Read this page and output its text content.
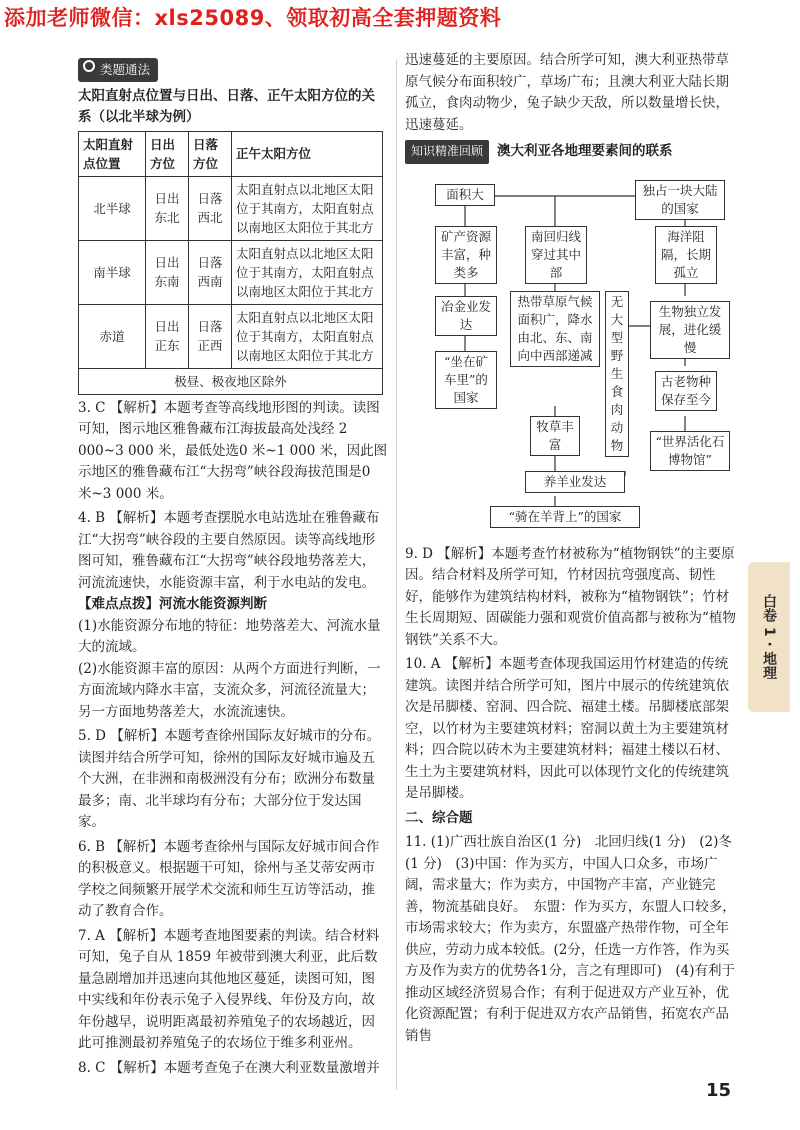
添加老师微信：xls25089、领取初高全套押题资料
类题通法
太阳直射点位置与日出、日落、正午太阳方位的关系（以北半球为例）
太阳直射点位置	日出方位	日落方位	正午太阳方位
北半球	日出东北	日落西北	太阳直射点以北地区太阳位于其南方，太阳直射点以南地区太阳位于其北方
南半球	日出东南	日落西南	太阳直射点以北地区太阳位于其南方，太阳直射点以南地区太阳位于其北方
赤道	日出正东	日落正西	太阳直射点以北地区太阳位于其南方，太阳直射点以南地区太阳位于其北方
极昼、极夜地区除外			
3. C 【解析】本题考查等高线地形图的判读。读图可知，图示地区雅鲁藏布江海拔最高处浅经 2 000~3 000 米，最低处选0 米~1 000 米，因此图示地区的雅鲁藏布江“大拐弯”峡谷段海拔范围是0 米~3 000 米。
4. B 【解析】本题考查摆脱水电站选址在雅鲁藏布江“大拐弯”峡谷段的主要自然原因。读等高线地形图可知，雅鲁藏布江“大拐弯”峡谷段地势落差大，河流流速快，水能资源丰富，利于水电站的发电。
【难点点拨】河流水能资源判断
(1)水能资源分布地的特征：地势落差大、河流水量大的流域。
(2)水能资源丰富的原因：从两个方面进行判断，一方面流域内降水丰富，支流众多，河流径流量大；另一方面地势落差大，水流流速快。
5. D 【解析】本题考查徐州国际友好城市的分布。读图并结合所学可知，徐州的国际友好城市遍及五个大洲，在非洲和南极洲没有分布；欧洲分布数量最多；南、北半球均有分布；大部分位于发达国家。
6. B 【解析】本题考查徐州与国际友好城市间合作的积极意义。根据题干可知，徐州与圣艾蒂安两市学校之间频繁开展学术交流和师生互访等活动，推动了教育合作。
7. A 【解析】本题考查地图要素的判读。结合材料可知，兔子自从 1859 年被带到澳大利亚，此后数量急剧增加并迅速向其他地区蔓延，读图可知，图中实线和年份表示兔子入侵界线、年份及方向，故年份越早，说明距离最初养殖兔子的农场越近，因此可推测最初养殖兔子的农场位于维多利亚州。
8. C 【解析】本题考查兔子在澳大利亚数量激增并
迅速蔓延的主要原因。结合所学可知，澳大利亚热带草原气候分布面积较广，草场广布；且澳大利亚大陆长期孤立，食肉动物少，兔子缺少天敌，所以数量增长快，迅速蔓延。
知识精准回顾	澳大利亚各地理要素间的联系
面积大	独占一块大陆的国家
矿产资源丰富，种类多
南回归线穿过其中部
海洋阻隔，长期孤立
冶金业发达
热带草原气候面积广，降水由北、东、南向中西部递减
无大型野生食肉动物
生物独立发展，进化缓慢
“坐在矿车里”的国家
古老物种保存至今
牧草丰富	“世界活化石博物馆”
养羊业发达
“骑在羊背上”的国家
9. D 【解析】本题考查竹材被称为“植物钢铁”的主要原因。结合材料及所学可知，竹材因抗弯强度高、韧性好，能够作为建筑结构材料，被称为“植物钢铁”；竹材生长周期短、固碳能力强和观赏价值高都与被称为“植物钢铁”关系不大。
10. A 【解析】本题考查体现我国运用竹材建造的传统建筑。读图并结合所学可知，图片中展示的传统建筑依次是吊脚楼、窑洞、四合院、福建土楼。吊脚楼底部架空，以竹材为主要建筑材料；窑洞以黄土为主要建筑材料；四合院以砖木为主要建筑材料；福建土楼以石材、生土为主要建筑材料，因此可以体现竹文化的传统建筑是吊脚楼。
二、综合题
11. (1)广西壮族自治区(1 分)　北回归线(1 分)　(2)冬(1 分)　(3)中国：作为买方，中国人口众多，市场广阔，需求量大；作为卖方，中国物产丰富，产业链完善，物流基础良好。　东盟：作为买方，东盟人口较多，市场需求较大；作为卖方，东盟盛产热带作物，可全年供应，劳动力成本较低。(2分，任选一方作答，作为买方及作为卖方的优势各1分，言之有理即可)　(4)有利于推动区域经济贸易合作；有利于促进双方产业互补，优化资源配置；有利于促进双方农产品销售，拓宽农产品销售
白卷 1 · 地理
15
